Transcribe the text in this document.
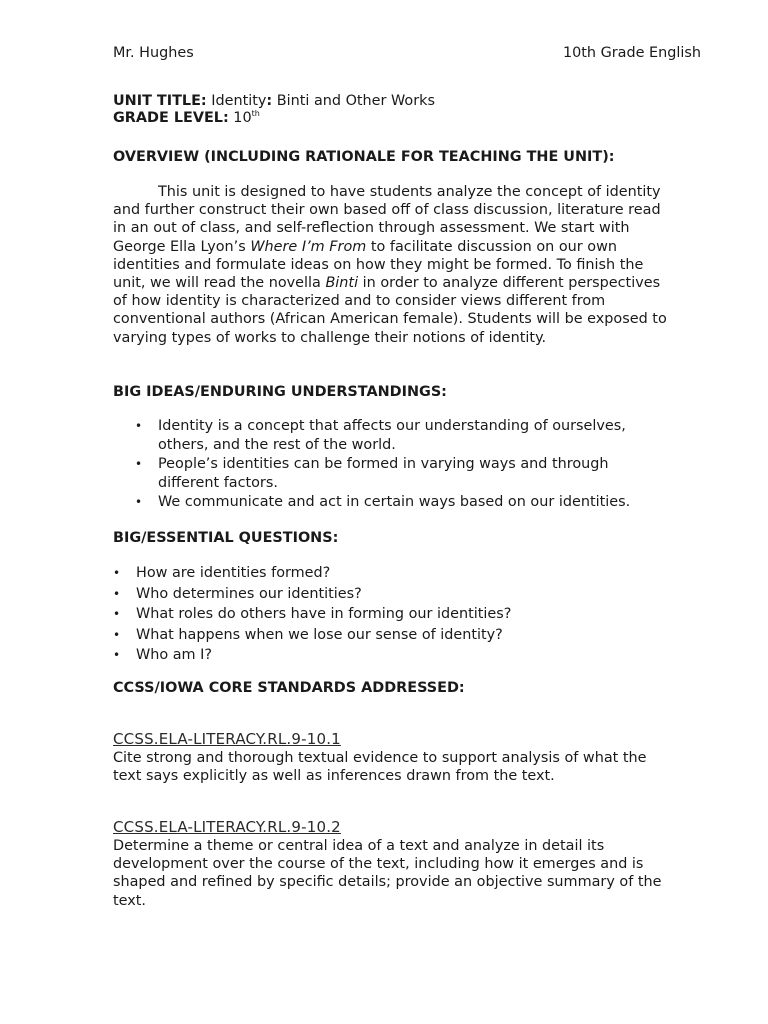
Mr. Hughes	10th Grade English
UNIT TITLE: Identity: Binti and Other Works
GRADE LEVEL: 10th
OVERVIEW (INCLUDING RATIONALE FOR TEACHING THE UNIT):

This unit is designed to have students analyze the concept of identity and further construct their own based off of class discussion, literature read in an out of class, and self-reflection through assessment. We start with George Ella Lyon’s Where I’m From to facilitate discussion on our own identities and formulate ideas on how they might be formed. To finish the unit, we will read the novella Binti in order to analyze different perspectives of how identity is characterized and to consider views different from conventional authors (African American female). Students will be exposed to varying types of works to challenge their notions of identity.

BIG IDEAS/ENDURING UNDERSTANDINGS:
• Identity is a concept that affects our understanding of ourselves, others, and the rest of the world.
• People’s identities can be formed in varying ways and through different factors.
• We communicate and act in certain ways based on our identities.
BIG/ESSENTIAL QUESTIONS:
• How are identities formed?
• Who determines our identities?
• What roles do others have in forming our identities?
• What happens when we lose our sense of identity?
• Who am I?
CCSS/IOWA CORE STANDARDS ADDRESSED:
CCSS.ELA-LITERACY.RL.9-10.1

Cite strong and thorough textual evidence to support analysis of what the text says explicitly as well as inferences drawn from the text.

CCSS.ELA-LITERACY.RL.9-10.2

Determine a theme or central idea of a text and analyze in detail its development over the course of the text, including how it emerges and is shaped and refined by specific details; provide an objective summary of the text.
